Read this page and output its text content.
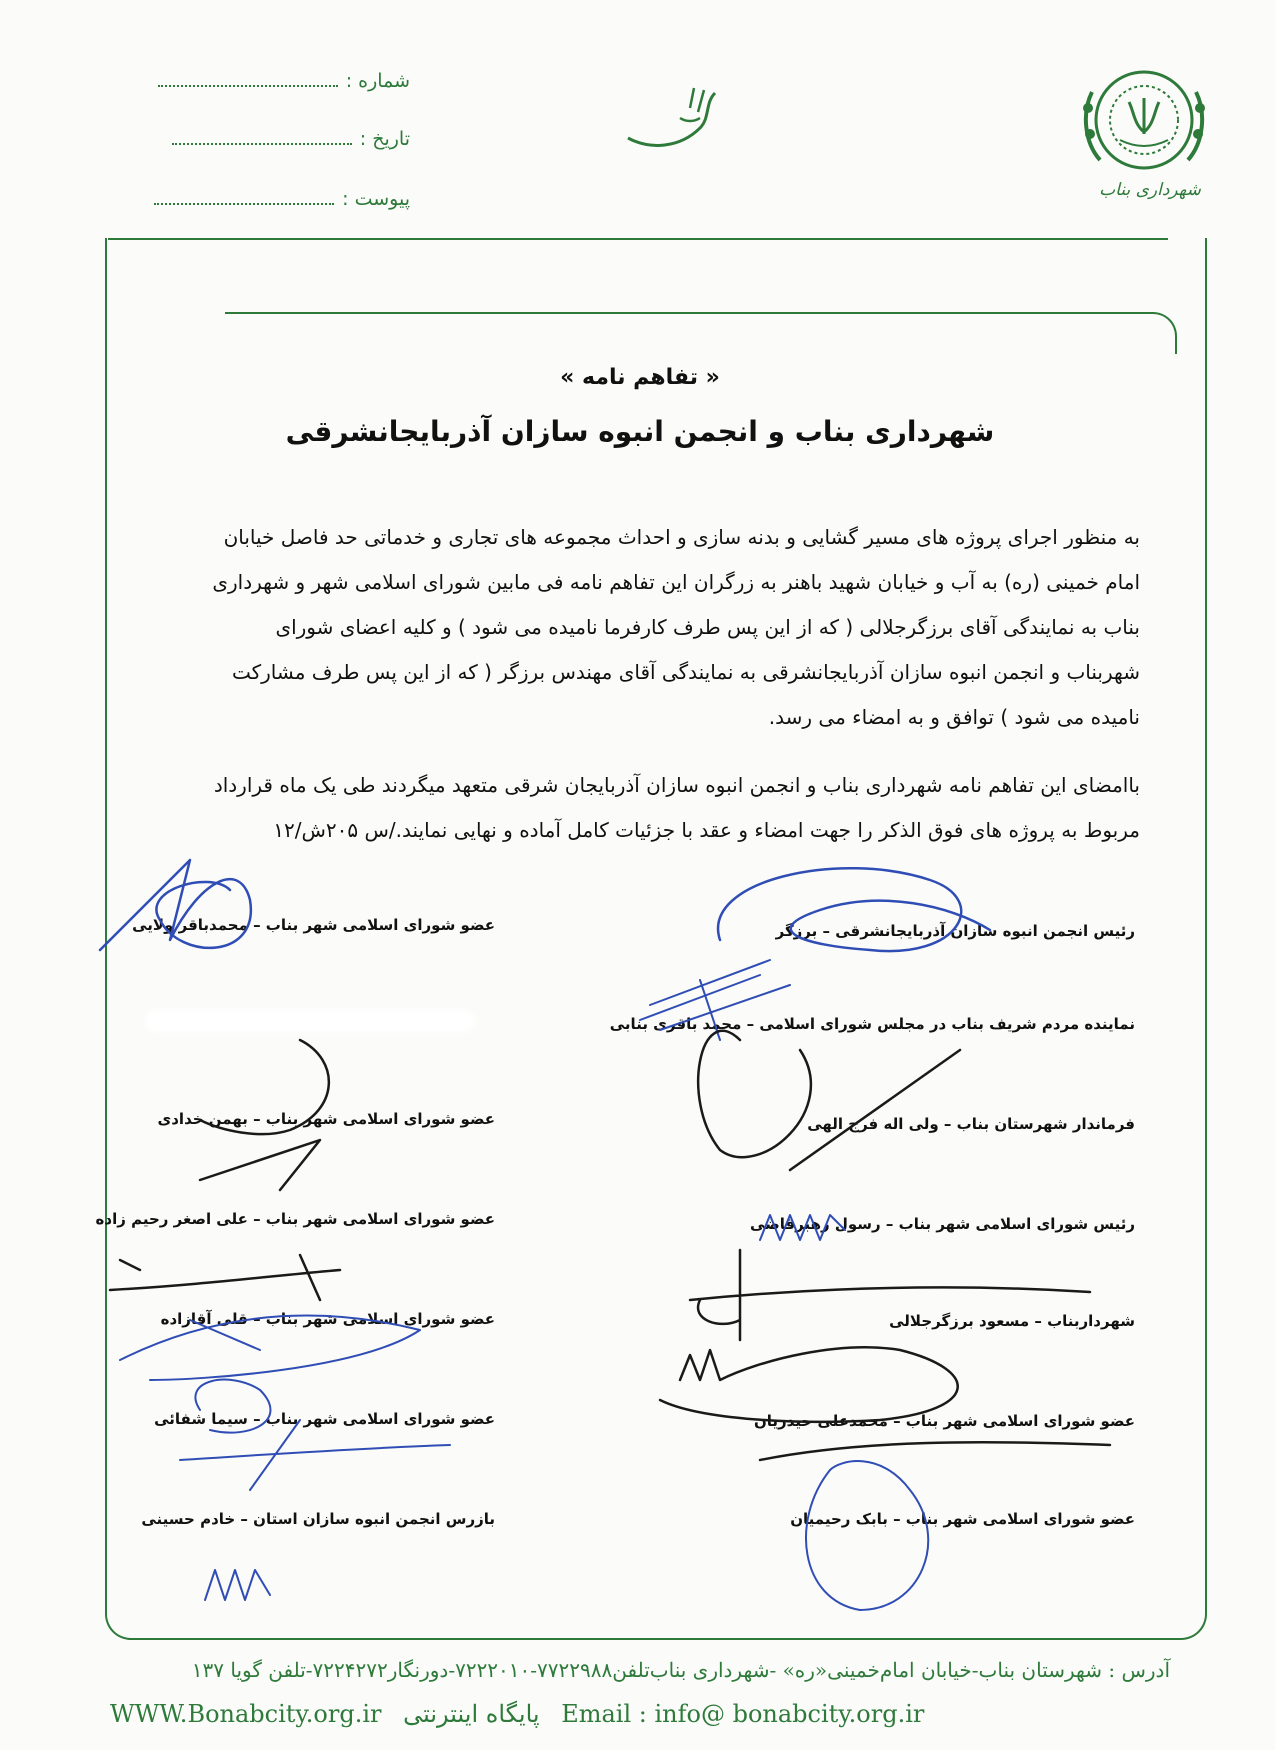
شهرداری بناب
شماره :
تاریخ :
پیوست :
« تفاهم نامه »
شهرداری بناب و انجمن انبوه سازان آذربایجانشرقی
به منظور اجرای پروژه های مسیر گشایی و بدنه سازی و احداث مجموعه های تجاری و خدماتی حد فاصل خیابان
امام خمینی (ره) به آب و خیابان شهید باهنر به زرگران این تفاهم نامه فی مابین شورای اسلامی شهر و شهرداری
بناب به نمایندگی آقای برزگرجلالی ( که از این پس طرف کارفرما نامیده می شود ) و کلیه اعضای شورای
شهربناب و انجمن انبوه سازان آذربایجانشرقی به نمایندگی آقای مهندس برزگر ( که از این پس طرف مشارکت
نامیده می شود ) توافق و به امضاء می رسد.
باامضای این تفاهم نامه شهرداری بناب و انجمن انبوه سازان آذربایجان شرقی متعهد میگردند طی یک ماه قرارداد
مربوط به پروژه های فوق الذکر را جهت امضاء و عقد با جزئیات کامل آماده و نهایی نمایند./س ۲۰۵ش/۱۲
رئیس انجمن انبوه سازان آذربایجانشرقی – برزگر
نماینده مردم شریف بناب در مجلس شورای اسلامی – محمد باقری بنابی
فرماندار شهرستان بناب – ولی اله فرج الهی
رئیس شورای اسلامی شهر بناب – رسول رهبرقاضی
شهرداربناب – مسعود برزگرجلالی
عضو شورای اسلامی شهر بناب – محمدعلی حیدریان
عضو شورای اسلامی شهر بناب – بابک رحیمیان
عضو شورای اسلامی شهر بناب – محمدباقر ولایی
عضو شورای اسلامی شهر بناب – بهمن خدادی
عضو شورای اسلامی شهر بناب – علی اصغر رحیم زاده
عضو شورای اسلامی شهر بناب – قلی آقازاده
عضو شورای اسلامی شهر بناب – سیما شفائی
بازرس انجمن انبوه سازان استان – خادم حسینی
آدرس : شهرستان بناب-خیابان امام‌خمینی«ره» -شهرداری بناب‌تلفن۷۷۲۲۹۸۸-۷۲۲۲۰۱۰-دورنگار۷۲۲۴۲۷۲-تلفن گویا ۱۳۷
WWW.Bonabcity.org.ir پایگاه اینترنتی Email : info@ bonabcity.org.ir
